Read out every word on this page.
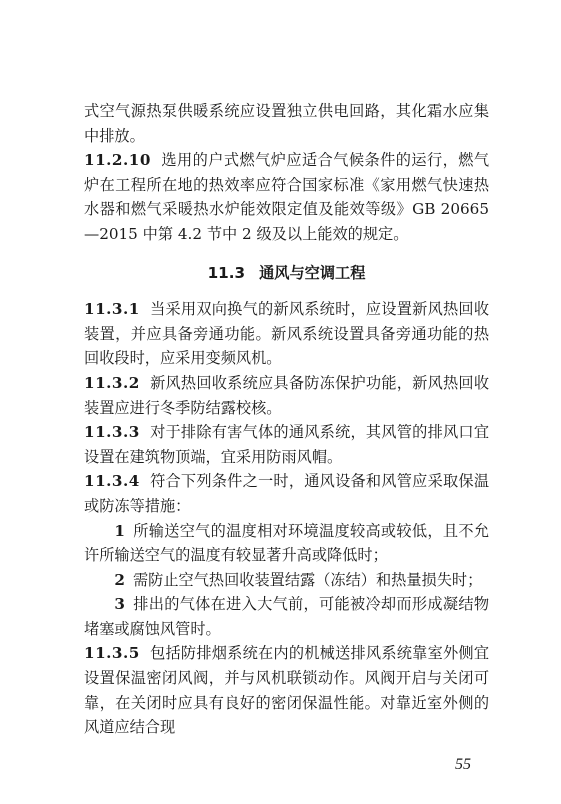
式空气源热泵供暖系统应设置独立供电回路，其化霜水应集中排放。

11.2.10 选用的户式燃气炉应适合气候条件的运行，燃气炉在工程所在地的热效率应符合国家标准《家用燃气快速热水器和燃气采暖热水炉能效限定值及能效等级》GB 20665—2015 中第 4.2 节中 2 级及以上能效的规定。

11.3 通风与空调工程

11.3.1 当采用双向换气的新风系统时，应设置新风热回收装置，并应具备旁通功能。新风系统设置具备旁通功能的热回收段时，应采用变频风机。

11.3.2 新风热回收系统应具备防冻保护功能，新风热回收装置应进行冬季防结露校核。

11.3.3 对于排除有害气体的通风系统，其风管的排风口宜设置在建筑物顶端，宜采用防雨风帽。

11.3.4 符合下列条件之一时，通风设备和风管应采取保温或防冻等措施：

1 所输送空气的温度相对环境温度较高或较低，且不允许所输送空气的温度有较显著升高或降低时；

2 需防止空气热回收装置结露（冻结）和热量损失时；

3 排出的气体在进入大气前，可能被冷却而形成凝结物堵塞或腐蚀风管时。

11.3.5 包括防排烟系统在内的机械送排风系统靠室外侧宜设置保温密闭风阀，并与风机联锁动作。风阀开启与关闭可靠，在关闭时应具有良好的密闭保温性能。对靠近室外侧的风道应结合现

55
